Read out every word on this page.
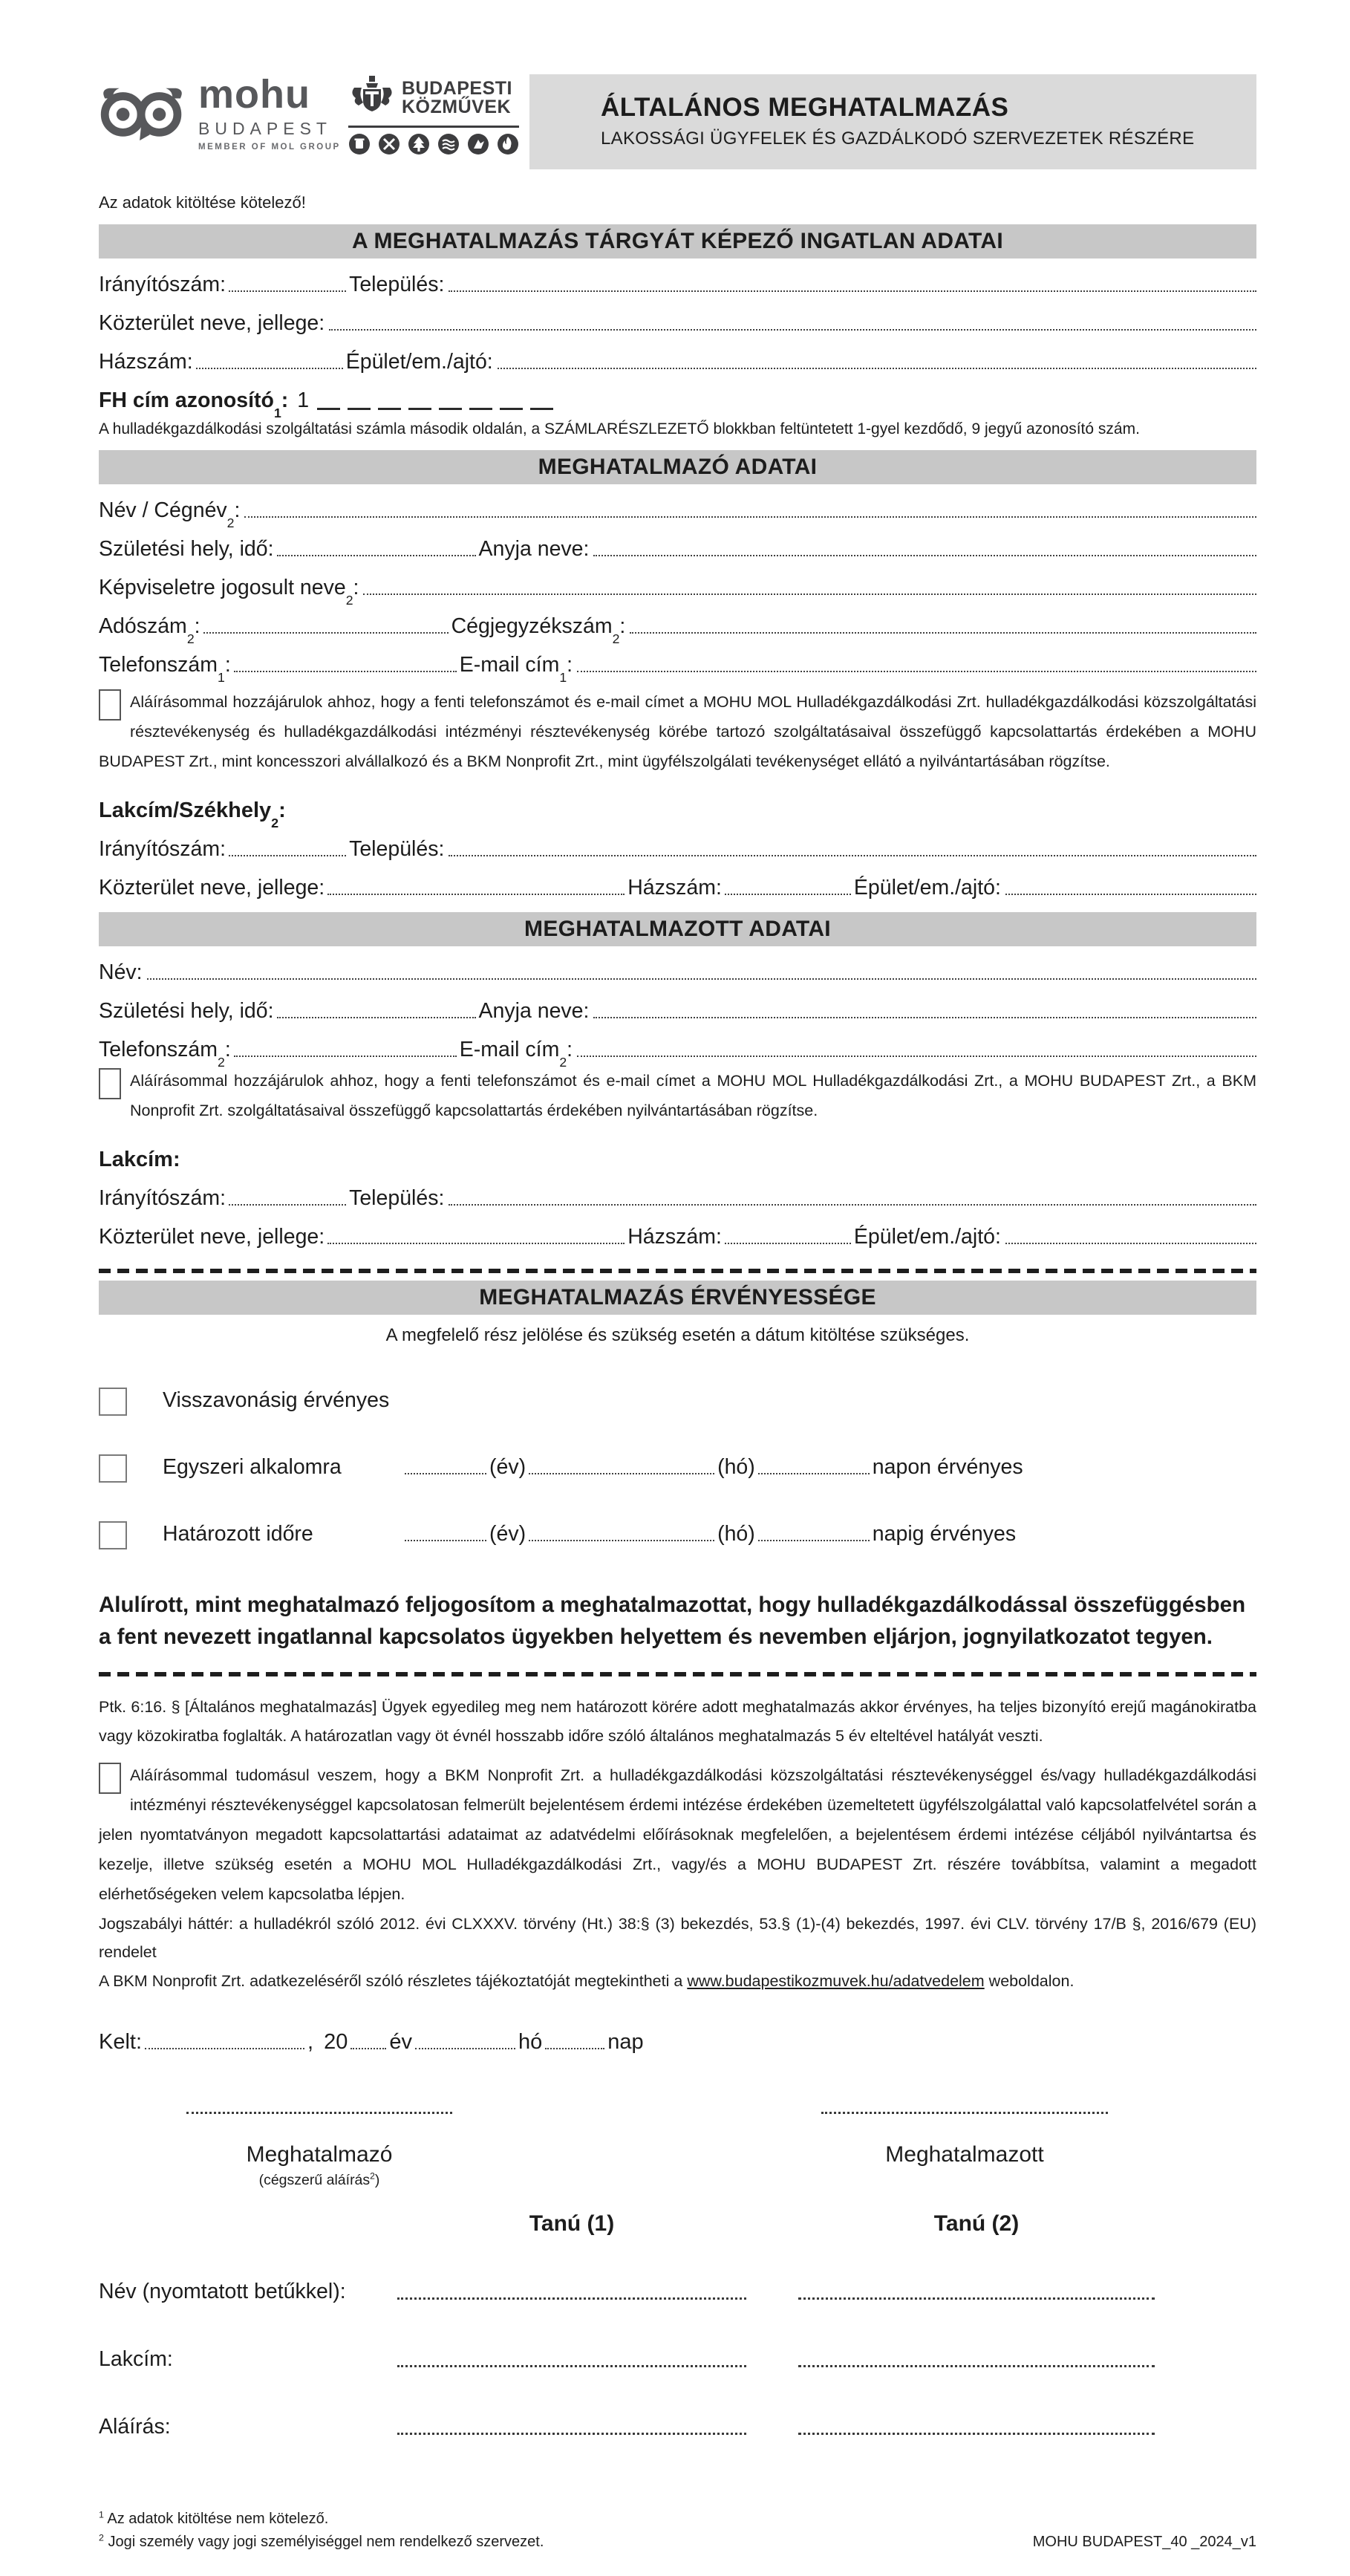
mohu
BUDAPEST
MEMBER OF MOL GROUP
BUDAPESTI
KÖZMŰVEK	ÁLTALÁNOS MEGHATALMAZÁS
LAKOSSÁGI ÜGYFELEK ÉS GAZDÁLKODÓ SZERVEZETEK RÉSZÉRE
Az adatok kitöltése kötelező!
A MEGHATALMAZÁS TÁRGYÁT KÉPEZŐ INGATLAN ADATAI
Irányítószám:	Település:
Közterület neve, jellege:
Házszám:	Épület/em./ajtó:
FH cím azonosító
1
: 1
A hulladékgazdálkodási szolgáltatási számla második oldalán, a SZÁMLARÉSZLEZETŐ blokkban feltüntetett 1-gyel kezdődő, 9 jegyű azonosító szám.
MEGHATALMAZÓ ADATAI
Név / Cégnév
2
:
Születési hely, idő:	Anyja neve:
Képviseletre jogosult neve
2
:
Adószám
2
:	Cégjegyzékszám
2
:
Telefonszám
1
:	E-mail cím
1
:
Aláírásommal hozzájárulok ahhoz, hogy a fenti telefonszámot és e-mail címet a MOHU MOL Hulladékgazdálkodási Zrt. hulladékgazdálkodási közszolgáltatási résztevékenység és hulladékgazdálkodási intézményi résztevékenység körébe tartozó szolgáltatásaival összefüggő kapcsolattartás érdekében a MOHU BUDAPEST Zrt., mint koncesszori alvállalkozó és a BKM Nonprofit Zrt., mint ügyfélszolgálati tevékenységet ellátó a nyilvántartásában rögzítse.
Lakcím/Székhely
2
:
Irányítószám:	Település:
Közterület neve, jellege:	Házszám:	Épület/em./ajtó:
MEGHATALMAZOTT ADATAI
Név:
Születési hely, idő:	Anyja neve:
Telefonszám
2
:	E-mail cím
2
:
Aláírásommal hozzájárulok ahhoz, hogy a fenti telefonszámot és e-mail címet a MOHU MOL Hulladékgazdálkodási Zrt., a MOHU BUDAPEST Zrt., a BKM Nonprofit Zrt. szolgáltatásaival összefüggő kapcsolattartás érdekében nyilvántartásában rögzítse.
Lakcím:
Irányítószám:	Település:
Közterület neve, jellege:	Házszám:	Épület/em./ajtó:
MEGHATALMAZÁS ÉRVÉNYESSÉGE
A megfelelő rész jelölése és szükség esetén a dátum kitöltése szükséges.
Visszavonásig érvényes
Egyszeri alkalomra	(év)	(hó)	napon érvényes
Határozott időre	(év)	(hó)	napig érvényes
Alulírott, mint meghatalmazó feljogosítom a meghatalmazottat, hogy hulladékgazdálkodással összefüggésben a fent nevezett ingatlannal kapcsolatos ügyekben helyettem és nevemben eljárjon, jognyilatkozatot tegyen.
Ptk. 6:16. § [Általános meghatalmazás] Ügyek egyedileg meg nem határozott körére adott meghatalmazás akkor érvényes, ha teljes bizonyító erejű magánokiratba vagy közokiratba foglalták. A határozatlan vagy öt évnél hosszabb időre szóló általános meghatalmazás 5 év elteltével hatályát veszti.
Aláírásommal tudomásul veszem, hogy a BKM Nonprofit Zrt. a hulladékgazdálkodási közszolgáltatási résztevékenységgel és/vagy hulladékgazdálkodási intézményi résztevékenységgel kapcsolatosan felmerült bejelentésem érdemi intézése érdekében üzemeltetett ügyfélszolgálattal való kapcsolatfelvétel során a jelen nyomtatványon megadott kapcsolattartási adataimat az adatvédelmi előírásoknak megfelelően, a bejelentésem érdemi intézése céljából nyilvántartsa és kezelje, illetve szükség esetén a MOHU MOL Hulladékgazdálkodási Zrt., vagy/és a MOHU BUDAPEST Zrt. részére továbbítsa, valamint a megadott elérhetőségeken velem kapcsolatba lépjen.
Jogszabályi háttér: a hulladékról szóló 2012. évi CLXXXV. törvény (Ht.) 38:§ (3) bekezdés, 53.§ (1)-(4) bekezdés, 1997. évi CLV. törvény 17/B §, 2016/679 (EU) rendelet
A BKM Nonprofit Zrt. adatkezeléséről szóló részletes tájékoztatóját megtekintheti a www.budapestikozmuvek.hu/adatvedelem weboldalon.
Kelt:	, 20 év	hó	nap
Meghatalmazó	Meghatalmazott
(cégszerű aláírás$^2$)
Tanú (1)	Tanú (2)
Név (nyomtatott betűkkel):
Lakcím:
Aláírás:
$^1$ Az adatok kitöltése nem kötelező.
$^2$ Jogi személy vagy jogi személyiséggel nem rendelkező szervezet.	MOHU BUDAPEST_40 _2024_v1
